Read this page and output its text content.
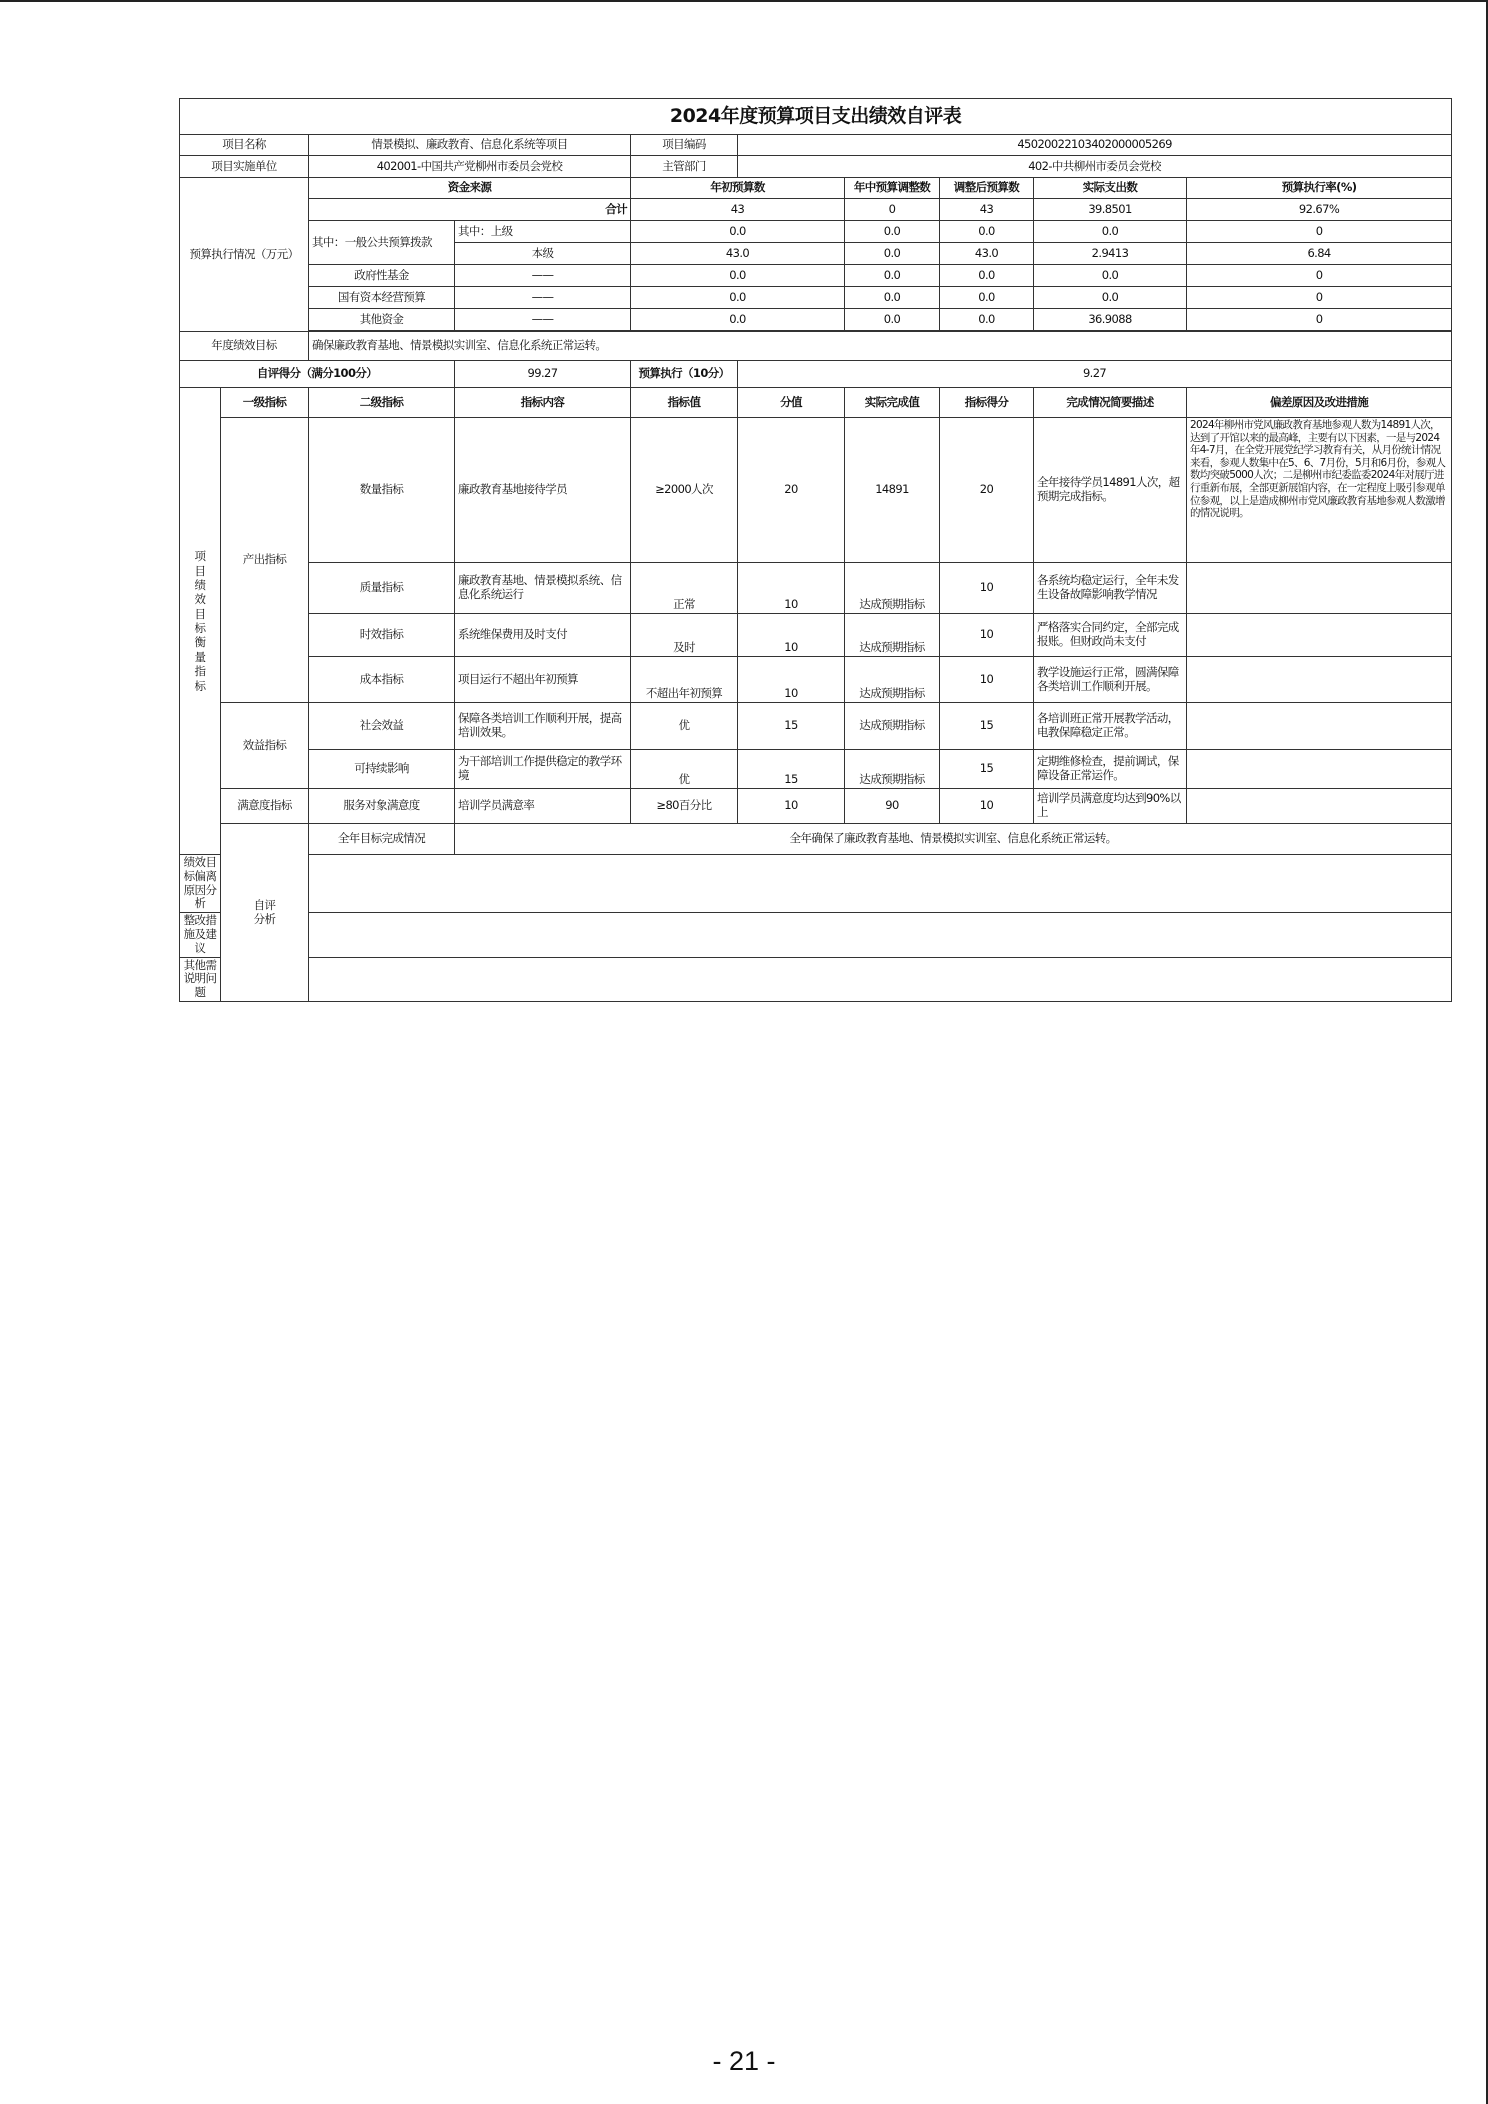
2024年度预算项目支出绩效自评表									
项目名称		情景模拟、廉政教育、信息化系统等项目		项目编码	450200221034020000052​69				
项目实施单位		402001-中国共产党柳州市委员会党校		主管部门	402-中共柳州市委员会党校				
预算执行情况（万元）		资金来源		年初预算数		年中预算调整数	调整后预算数	实际支出数	预算执行率(%)
		合计		43		0	43	39.8501	92.67%
		其中：一般公共预算拨款	其中：上级	0.0		0.0	0.0	0.0	0
			本级	43.0		0.0	43.0	2.9413	6.84
		政府性基金	——	0.0		0.0	0.0	0.0	0
		国有资本经营预算	——	0.0		0.0	0.0	0.0	0
		其他资金	——	0.0		0.0	0.0	36.9088	0

年度绩效目标		确保廉政教育基地、情景模拟实训室、信息化系统正常运转。							
自评得分（满分100分）			99.27	预算执行（10分）	9.27				

项目绩效目标衡量指标	一级指标	二级指标	指标内容	指标值	分值	实际完成值	指标得分	完成情况简要描述	偏差原因及改进措施
	产出指标	数量指标	廉政教育基地接待学员	≥2000人次	20	14891	20	全年接待学员14891人次，超预期完成指标。	2024年柳州市党风廉政教育基地参观人数为14891人次，达到了开馆以来的最高峰，主要有以下因素，一是与2024年4-7月，在全党开展党纪学习教育有关，从月份统计情况来看，参观人数集中在5、6、7月份，5月和6月份，参观人数均突破5000人次；二是柳州市纪委监委2024年对展厅进行重新布展，全部更新展馆内容，在一定程度上吸引参观单位参观，以上是造成柳州市党风廉政教育基地参观人数激增的情况说明。
		质量指标	廉政教育基地、情景模拟系统、信息化系统运行	正常	10	达成预期指标	10	各系统均稳定运行，全年未发生设备故障影响教学情况	
		时效指标	系统维保费用及时支付	及时	10	达成预期指标	10	严格落实合同约定，全部完成报账。但财政尚未支付	
		成本指标	项目运行不超出年初预算	不超出年初预算	10	达成预期指标	10	教学设施运行正常，圆满保障各类培训工作顺利开展。	
	效益指标	社会效益	保障各类培训工作顺利开展，提高培训效果。	优	15	达成预期指标	15	各培训班正常开展教学活动，电教保障稳定正常。	
		可持续影响	为干部培训工作提供稳定的教学环境	优	15	达成预期指标	15	定期维修检查，提前调试，保障设备正常运作。	
	满意度指标	服务对象满意度	培训学员满意率	≥80百分比	10	90	10	培训学员满意度均达到90%以上	

	自评分析	全年目标完成情况	全年确保了廉政教育基地、情景模拟实训室、信息化系统正常运转。						
绩效目标偏离原因分析									
整改措施及建议									
其他需说明问题									
- 21 -
